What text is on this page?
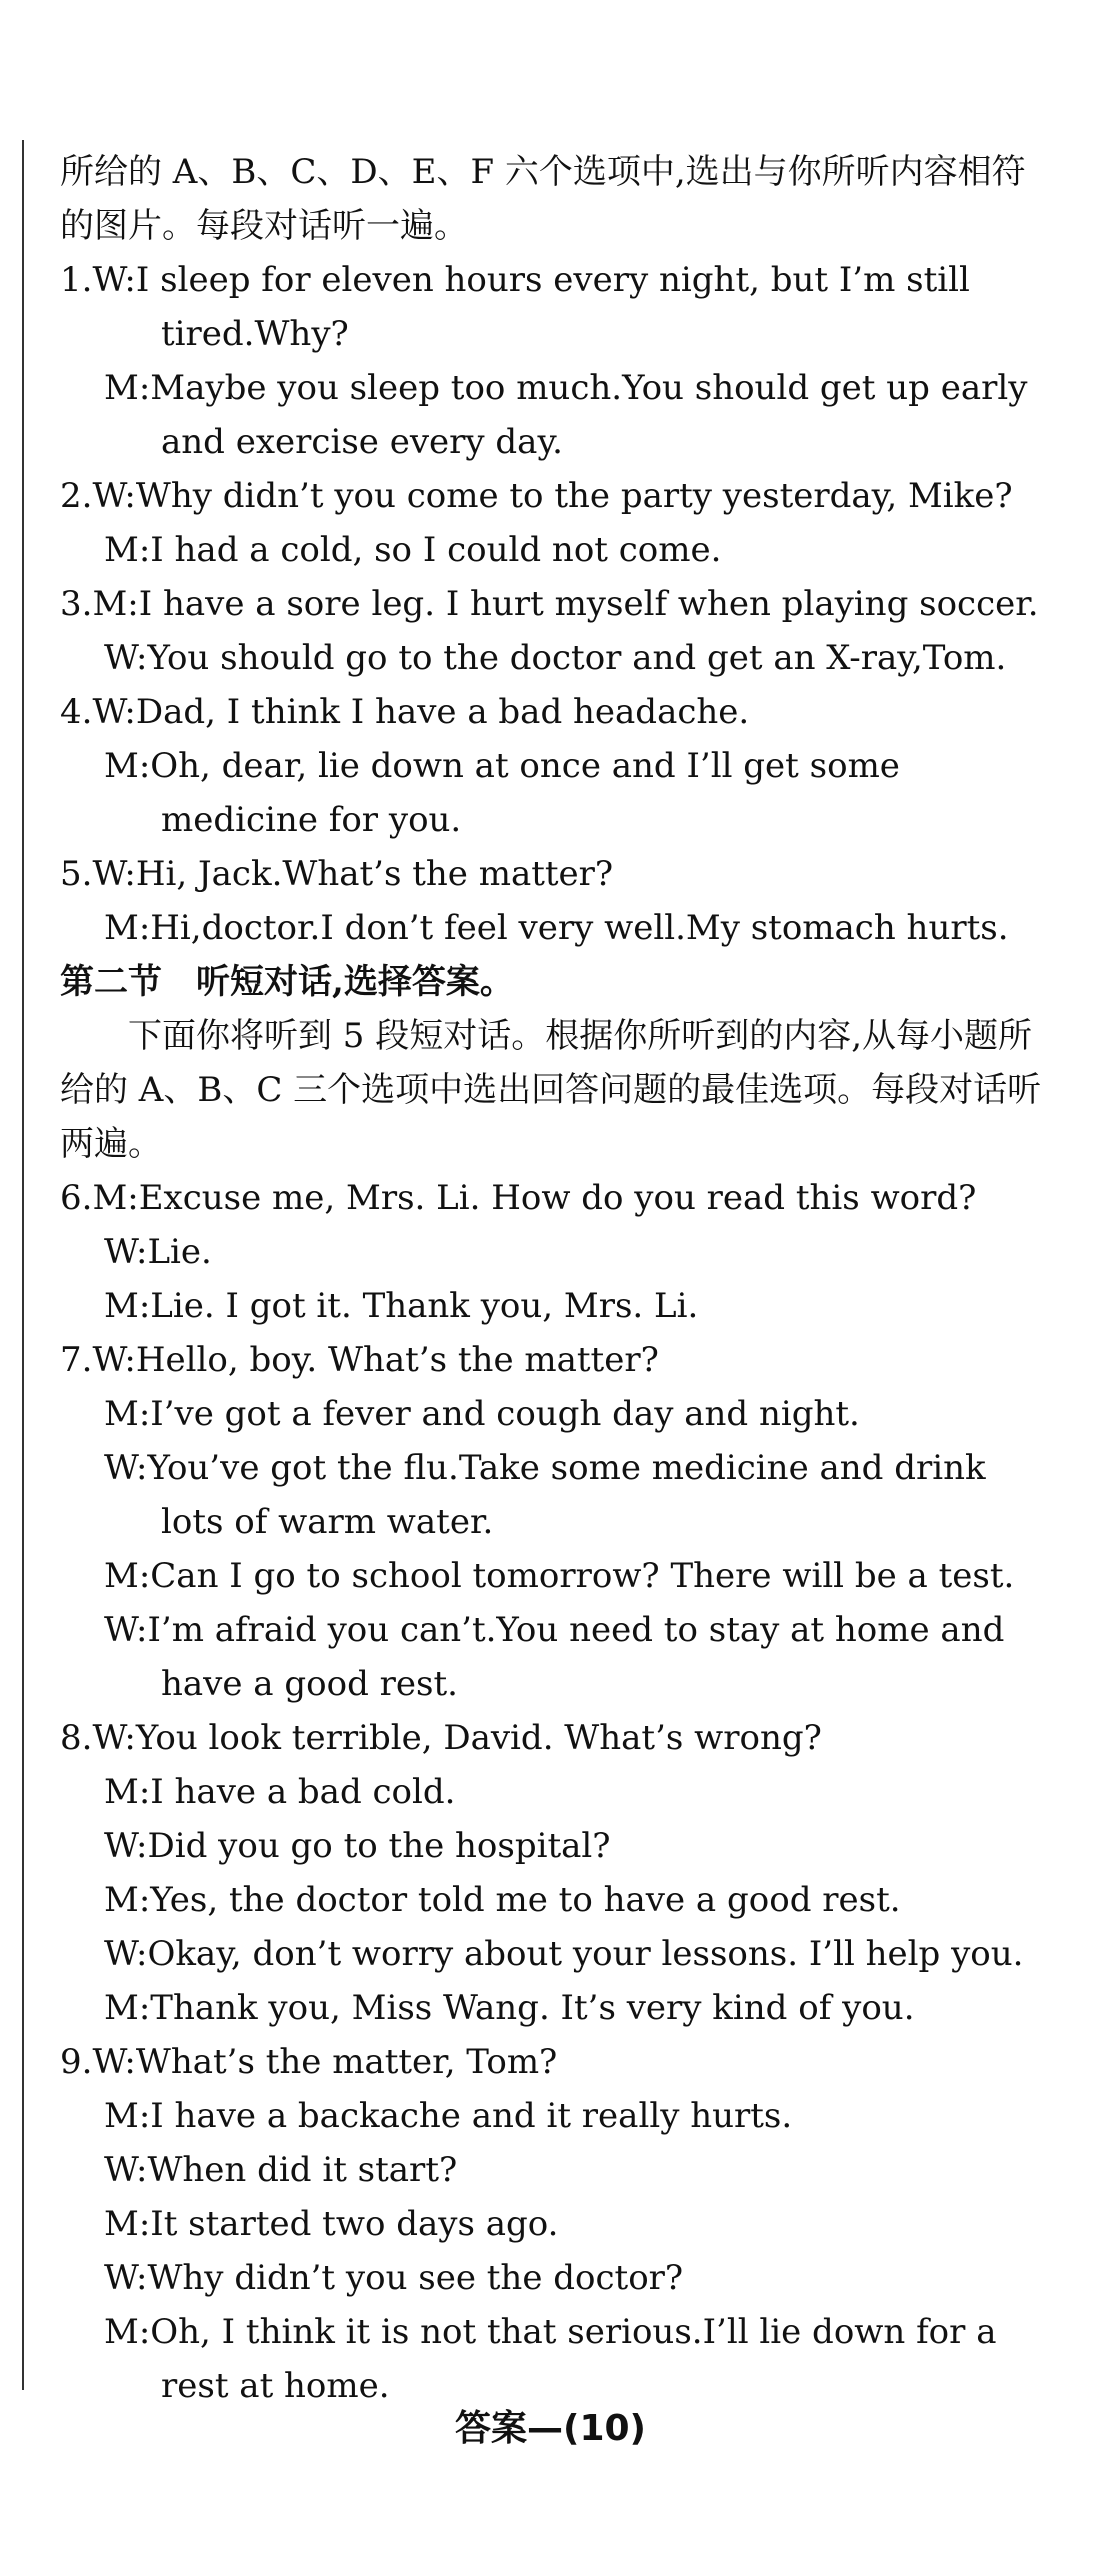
所给的 A、B、C、D、E、F 六个选项中,选出与你所听内容相符的图片。每段对话听一遍。
1.W:I sleep for eleven hours every night, but I’m still tired.Why?
M:Maybe you sleep too much.You should get up early and exercise every day.
2.W:Why didn’t you come to the party yesterday, Mike?
M:I had a cold, so I could not come.
3.M:I have a sore leg. I hurt myself when playing soccer.
W:You should go to the doctor and get an X-ray,Tom.
4.W:Dad, I think I have a bad headache.
M:Oh, dear, lie down at once and I’ll get some medicine for you.
5.W:Hi, Jack.What’s the matter?
M:Hi,doctor.I don’t feel very well.My stomach hurts.
第二节　听短对话,选择答案。
下面你将听到 5 段短对话。根据你所听到的内容,从每小题所给的 A、B、C 三个选项中选出回答问题的最佳选项。每段对话听两遍。
6.M:Excuse me, Mrs. Li. How do you read this word?
W:Lie.
M:Lie. I got it. Thank you, Mrs. Li.
7.W:Hello, boy. What’s the matter?
M:I’ve got a fever and cough day and night.
W:You’ve got the flu.Take some medicine and drink lots of warm water.
M:Can I go to school tomorrow? There will be a test.
W:I’m afraid you can’t.You need to stay at home and have a good rest.
8.W:You look terrible, David. What’s wrong?
M:I have a bad cold.
W:Did you go to the hospital?
M:Yes, the doctor told me to have a good rest.
W:Okay, don’t worry about your lessons. I’ll help you.
M:Thank you, Miss Wang. It’s very kind of you.
9.W:What’s the matter, Tom?
M:I have a backache and it really hurts.
W:When did it start?
M:It started two days ago.
W:Why didn’t you see the doctor?
M:Oh, I think it is not that serious.I’ll lie down for a rest at home.
答案—(10)
